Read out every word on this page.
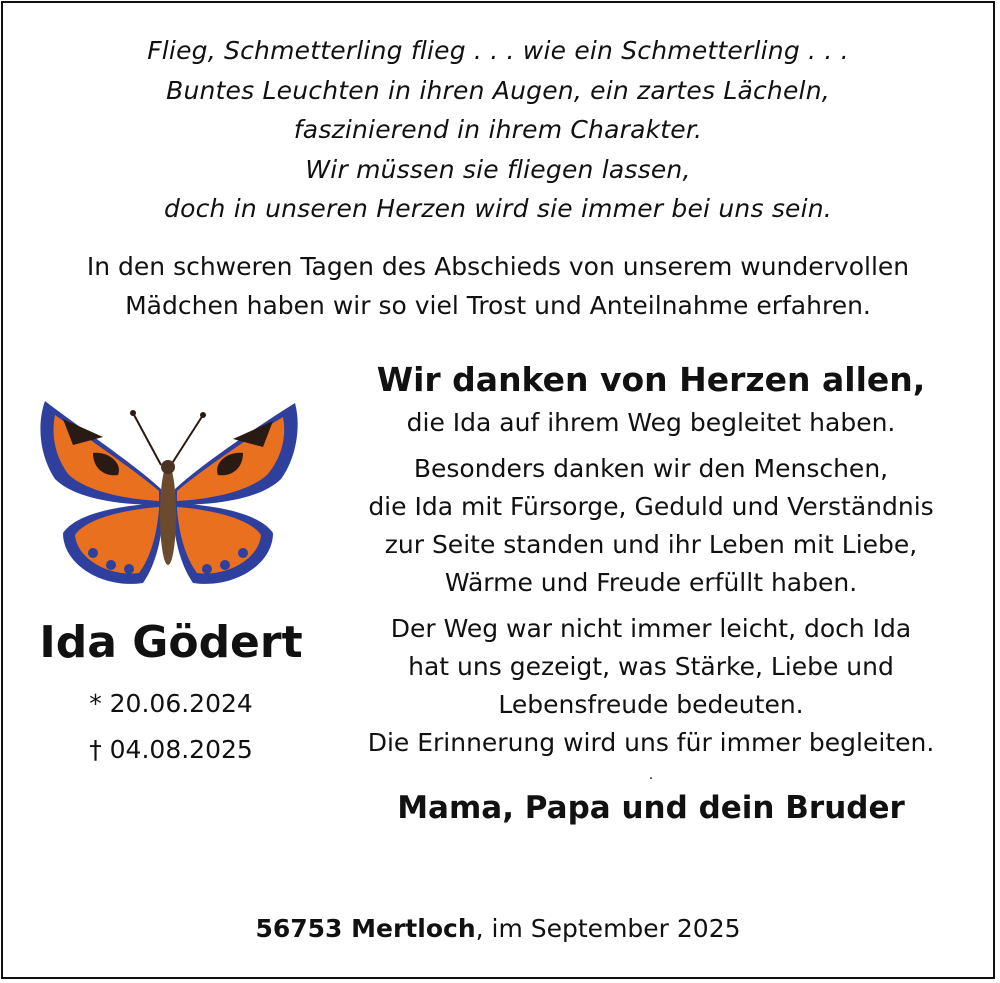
Flieg, Schmetterling flieg . . . wie ein Schmetterling . . .
Buntes Leuchten in ihren Augen, ein zartes Lächeln,
faszinierend in ihrem Charakter.
Wir müssen sie fliegen lassen,
doch in unseren Herzen wird sie immer bei uns sein.
In den schweren Tagen des Abschieds von unserem wundervollen
Mädchen haben wir so viel Trost und Anteilnahme erfahren.
Ida Gödert
* 20.06.2024
† 04.08.2025
Wir danken von Herzen allen,
die Ida auf ihrem Weg begleitet haben.
Besonders danken wir den Menschen,
die Ida mit Fürsorge, Geduld und Verständnis
zur Seite standen und ihr Leben mit Liebe,
Wärme und Freude erfüllt haben.
Der Weg war nicht immer leicht, doch Ida
hat uns gezeigt, was Stärke, Liebe und
Lebensfreude bedeuten.
Die Erinnerung wird uns für immer begleiten.
.
Mama, Papa und dein Bruder
56753 Mertloch, im September 2025
